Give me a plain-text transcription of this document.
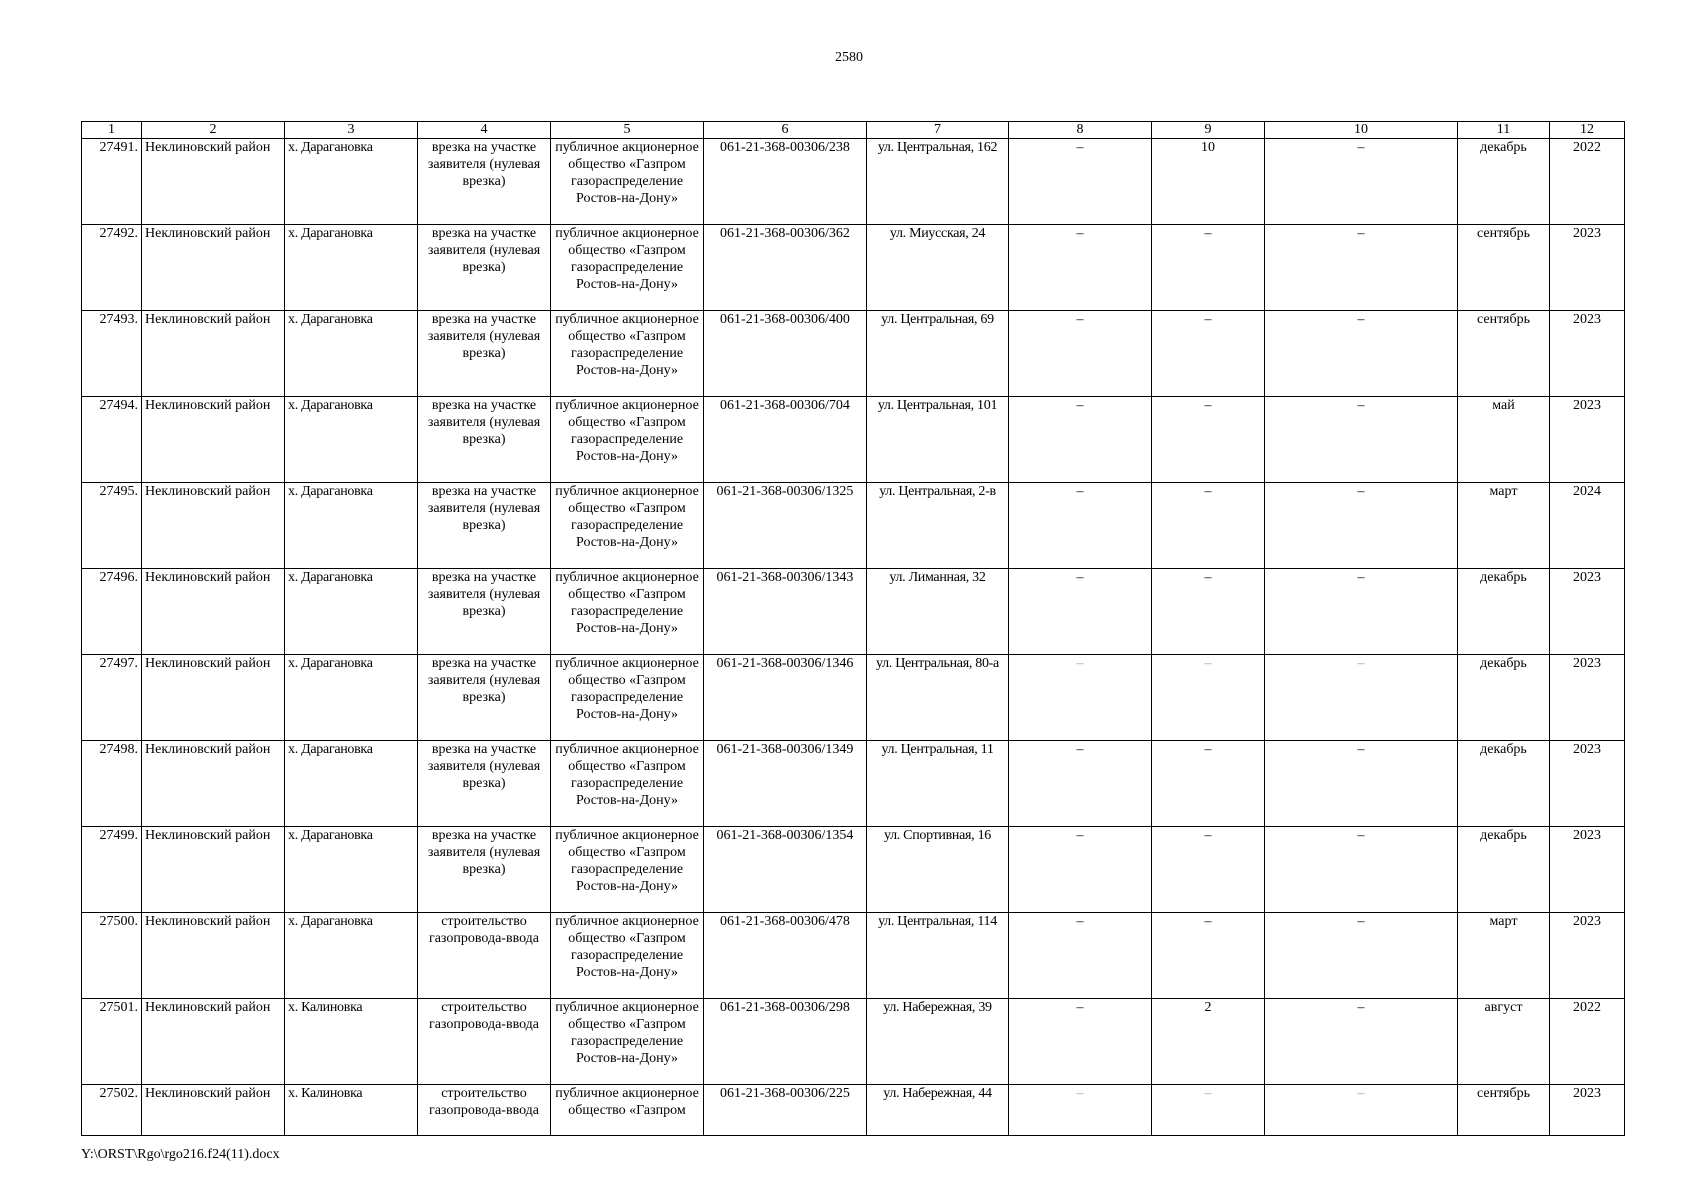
2580
1	2	3	4	5	6	7	8	9	10	11	12
27491.	Неклиновский район	х. Дарагановка	врезка на участке заявителя (нулевая врезка)	публичное акционерное общество «Газпром газораспределение Ростов-на-Дону»	061-21-368-00306/238	ул. Центральная, 162	–	10	–	декабрь	2022
27492.	Неклиновский район	х. Дарагановка	врезка на участке заявителя (нулевая врезка)	публичное акционерное общество «Газпром газораспределение Ростов-на-Дону»	061-21-368-00306/362	ул. Миусская, 24	–	–	–	сентябрь	2023
27493.	Неклиновский район	х. Дарагановка	врезка на участке заявителя (нулевая врезка)	публичное акционерное общество «Газпром газораспределение Ростов-на-Дону»	061-21-368-00306/400	ул. Центральная, 69	–	–	–	сентябрь	2023
27494.	Неклиновский район	х. Дарагановка	врезка на участке заявителя (нулевая врезка)	публичное акционерное общество «Газпром газораспределение Ростов-на-Дону»	061-21-368-00306/704	ул. Центральная, 101	–	–	–	май	2023
27495.	Неклиновский район	х. Дарагановка	врезка на участке заявителя (нулевая врезка)	публичное акционерное общество «Газпром газораспределение Ростов-на-Дону»	061-21-368-00306/1325	ул. Центральная, 2-в	–	–	–	март	2024
27496.	Неклиновский район	х. Дарагановка	врезка на участке заявителя (нулевая врезка)	публичное акционерное общество «Газпром газораспределение Ростов-на-Дону»	061-21-368-00306/1343	ул. Лиманная, 32	–	–	–	декабрь	2023
27497.	Неклиновский район	х. Дарагановка	врезка на участке заявителя (нулевая врезка)	публичное акционерное общество «Газпром газораспределение Ростов-на-Дону»	061-21-368-00306/1346	ул. Центральная, 80-а	–	–	–	декабрь	2023
27498.	Неклиновский район	х. Дарагановка	врезка на участке заявителя (нулевая врезка)	публичное акционерное общество «Газпром газораспределение Ростов-на-Дону»	061-21-368-00306/1349	ул. Центральная, 11	–	–	–	декабрь	2023
27499.	Неклиновский район	х. Дарагановка	врезка на участке заявителя (нулевая врезка)	публичное акционерное общество «Газпром газораспределение Ростов-на-Дону»	061-21-368-00306/1354	ул. Спортивная, 16	–	–	–	декабрь	2023
27500.	Неклиновский район	х. Дарагановка	строительство газопровода-ввода	публичное акционерное общество «Газпром газораспределение Ростов-на-Дону»	061-21-368-00306/478	ул. Центральная, 114	–	–	–	март	2023
27501.	Неклиновский район	х. Калиновка	строительство газопровода-ввода	публичное акционерное общество «Газпром газораспределение Ростов-на-Дону»	061-21-368-00306/298	ул. Набережная, 39	–	2	–	август	2022
27502.	Неклиновский район	х. Калиновка	строительство газопровода-ввода	публичное акционерное общество «Газпром	061-21-368-00306/225	ул. Набережная, 44	–	–	–	сентябрь	2023
Y:\ORST\Rgo\rgo216.f24(11).docx
